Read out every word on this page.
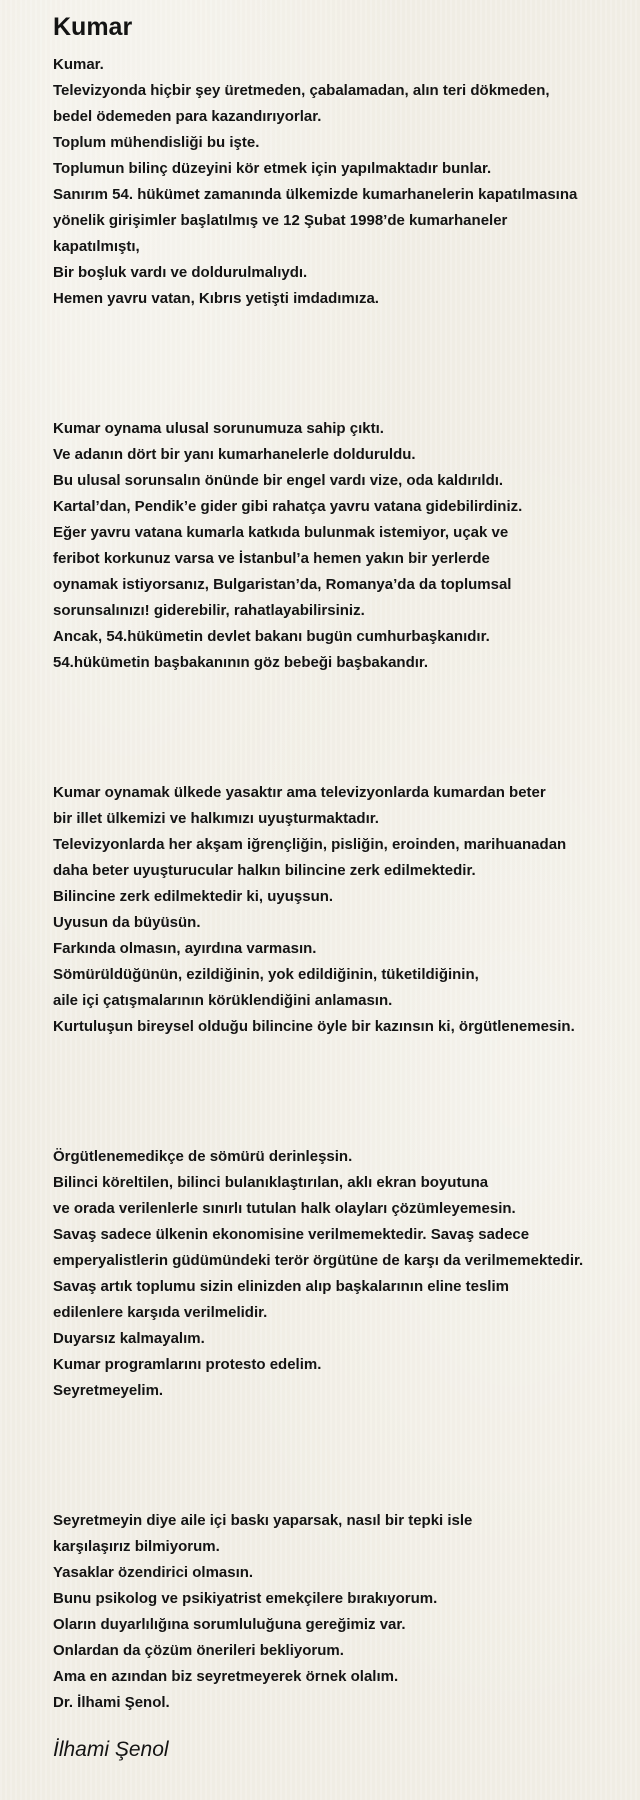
Kumar
Kumar.
Televizyonda hiçbir şey üretmeden, çabalamadan, alın teri dökmeden,
bedel ödemeden para kazandırıyorlar.
Toplum mühendisliği bu işte.
Toplumun bilinç düzeyini kör etmek için yapılmaktadır bunlar.
Sanırım 54. hükümet zamanında ülkemizde kumarhanelerin kapatılmasına
yönelik girişimler başlatılmış ve 12 Şubat 1998’de kumarhaneler
kapatılmıştı,
Bir boşluk vardı ve doldurulmalıydı.
Hemen yavru vatan, Kıbrıs yetişti imdadımıza.
Kumar oynama ulusal sorunumuza sahip çıktı.
Ve adanın dört bir yanı kumarhanelerle dolduruldu.
Bu ulusal sorunsalın önünde bir engel vardı vize, oda kaldırıldı.
Kartal’dan, Pendik’e gider gibi rahatça yavru vatana gidebilirdiniz.
Eğer yavru vatana kumarla katkıda bulunmak istemiyor, uçak ve
feribot korkunuz varsa ve İstanbul’a hemen yakın bir yerlerde
oynamak istiyorsanız, Bulgaristan’da, Romanya’da da toplumsal
sorunsalınızı! giderebilir, rahatlayabilirsiniz.
Ancak, 54.hükümetin devlet bakanı bugün cumhurbaşkanıdır.
54.hükümetin başbakanının göz bebeği başbakandır.
Kumar oynamak ülkede yasaktır ama televizyonlarda kumardan beter
bir illet ülkemizi ve halkımızı uyuşturmaktadır.
Televizyonlarda her akşam iğrençliğin, pisliğin, eroinden, marihuanadan
daha beter uyuşturucular halkın bilincine zerk edilmektedir.
Bilincine zerk edilmektedir ki, uyuşsun.
Uyusun da büyüsün.
Farkında olmasın, ayırdına varmasın.
Sömürüldüğünün, ezildiğinin, yok edildiğinin, tüketildiğinin,
aile içi çatışmalarının körüklendiğini anlamasın.
Kurtuluşun bireysel olduğu bilincine öyle bir kazınsın ki, örgütlenemesin.
Örgütlenemedikçe de sömürü derinleşsin.
Bilinci köreltilen, bilinci bulanıklaştırılan, aklı ekran boyutuna
ve orada verilenlerle sınırlı tutulan halk olayları çözümleyemesin.
Savaş sadece ülkenin ekonomisine verilmemektedir. Savaş sadece
emperyalistlerin güdümündeki terör örgütüne de karşı da verilmemektedir.
Savaş artık toplumu sizin elinizden alıp başkalarının eline teslim
edilenlere karşıda verilmelidir.
Duyarsız kalmayalım.
Kumar programlarını protesto edelim.
Seyretmeyelim.
Seyretmeyin diye aile içi baskı yaparsak, nasıl bir tepki isle
karşılaşırız bilmiyorum.
Yasaklar özendirici olmasın.
Bunu psikolog ve psikiyatrist emekçilere bırakıyorum.
Oların duyarlılığına sorumluluğuna gereğimiz var.
Onlardan da çözüm önerileri bekliyorum.
Ama en azından biz seyretmeyerek örnek olalım.
Dr. İlhami Şenol.
İlhami Şenol
